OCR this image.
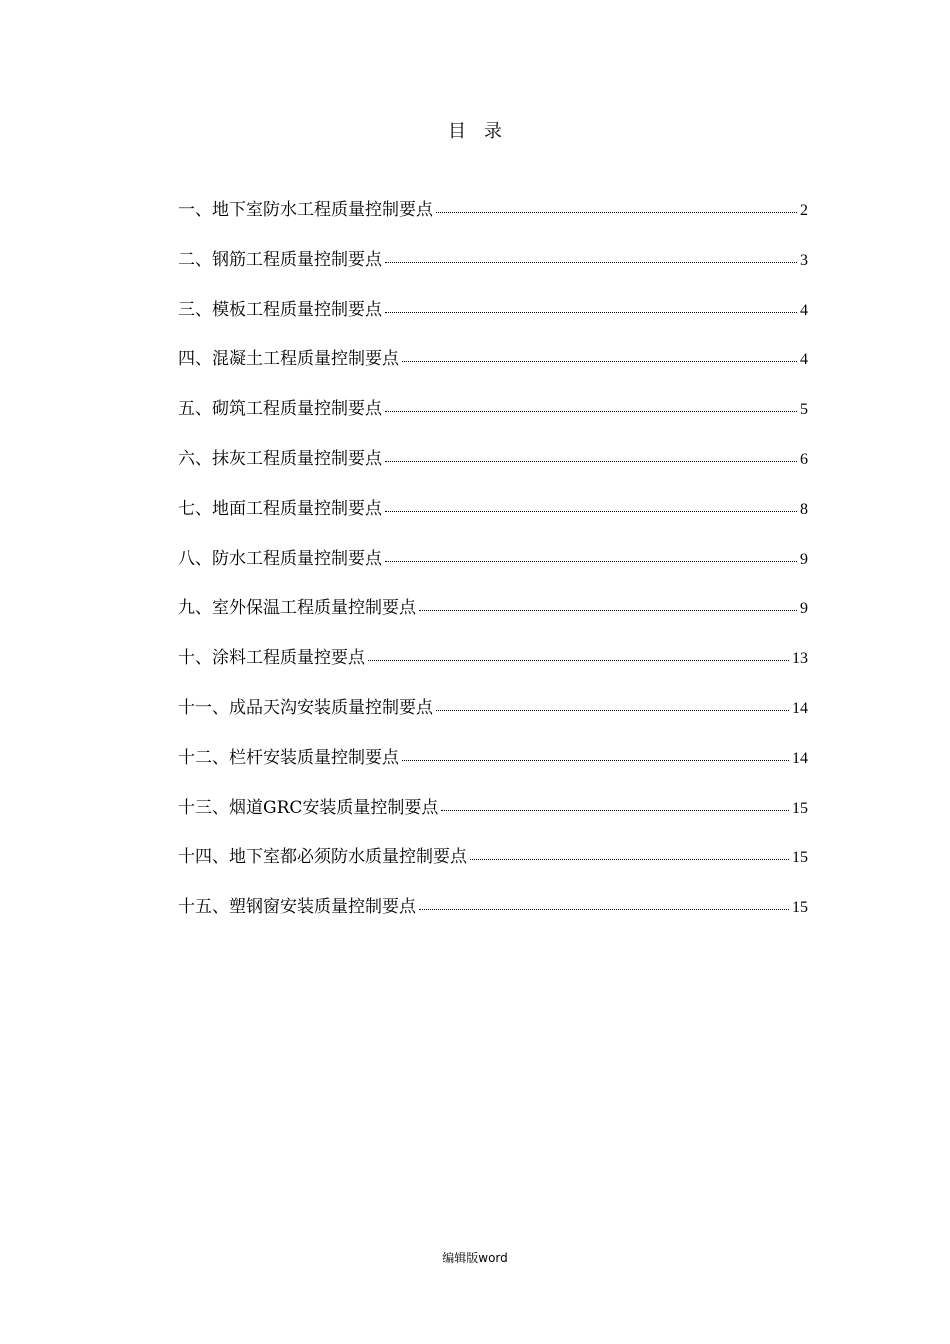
目　录
一、地下室防水工程质量控制要点	2
二、钢筋工程质量控制要点	3
三、模板工程质量控制要点	4
四、混凝土工程质量控制要点	4
五、砌筑工程质量控制要点	5
六、抹灰工程质量控制要点	6
七、地面工程质量控制要点	8
八、防水工程质量控制要点	9
九、室外保温工程质量控制要点	9
十、涂料工程质量控要点	13
十一、成品天沟安装质量控制要点	14
十二、栏杆安装质量控制要点	14
十三、烟道GRC安装质量控制要点	15
十四、地下室都必须防水质量控制要点	15
十五、塑钢窗安装质量控制要点	15
编辑版word
